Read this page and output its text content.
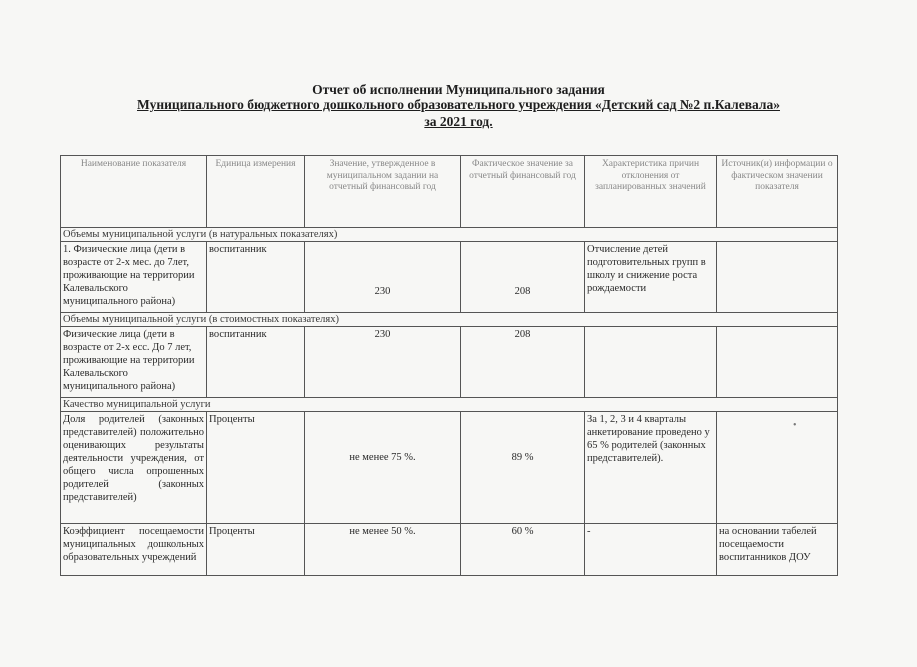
Отчет об исполнении Муниципального задания
Муниципального бюджетного дошкольного образовательного учреждения «Детский сад №2 п.Калевала»
за 2021 год.
Наименование показателя	Единица измерения	Значение, утвержденное в муниципальном задании на отчетный финансовый год	Фактическое значение за отчетный финансовый год	Характеристика причин отклонения от запланированных значений	Источник(и) информации о фактическом значении показателя
Объемы муниципальной услуги (в натуральных показателях)					
1. Физические лица (дети в возрасте от 2-х мес. до 7лет, проживающие на территории Калевальского муниципального района)	воспитанник	230	208	Отчисление детей подготовительных групп в школу и снижение роста рождаемости	
Объемы муниципальной услуги (в стоимостных показателях)					
Физические лица (дети в возрасте от 2-х есс. До 7 лет, проживающие на территории Калевальского муниципального района)	воспитанник	230	208		
Качество муниципальной услуги					
Доля родителей (законных представителей) положительно оценивающих результаты деятельности учреждения, от общего числа опрошенных родителей (законных представителей)	Проценты	не менее 75 %.	89 %	За 1, 2, 3 и 4 кварталы анкетирование проведено у 65 % родителей (законных представителей).	
Коэффициент посещаемости муниципальных дошкольных образовательных учреждений	Проценты	не менее 50 %.	60 %	-	на основании табелей посещаемости воспитанников ДОУ
•
